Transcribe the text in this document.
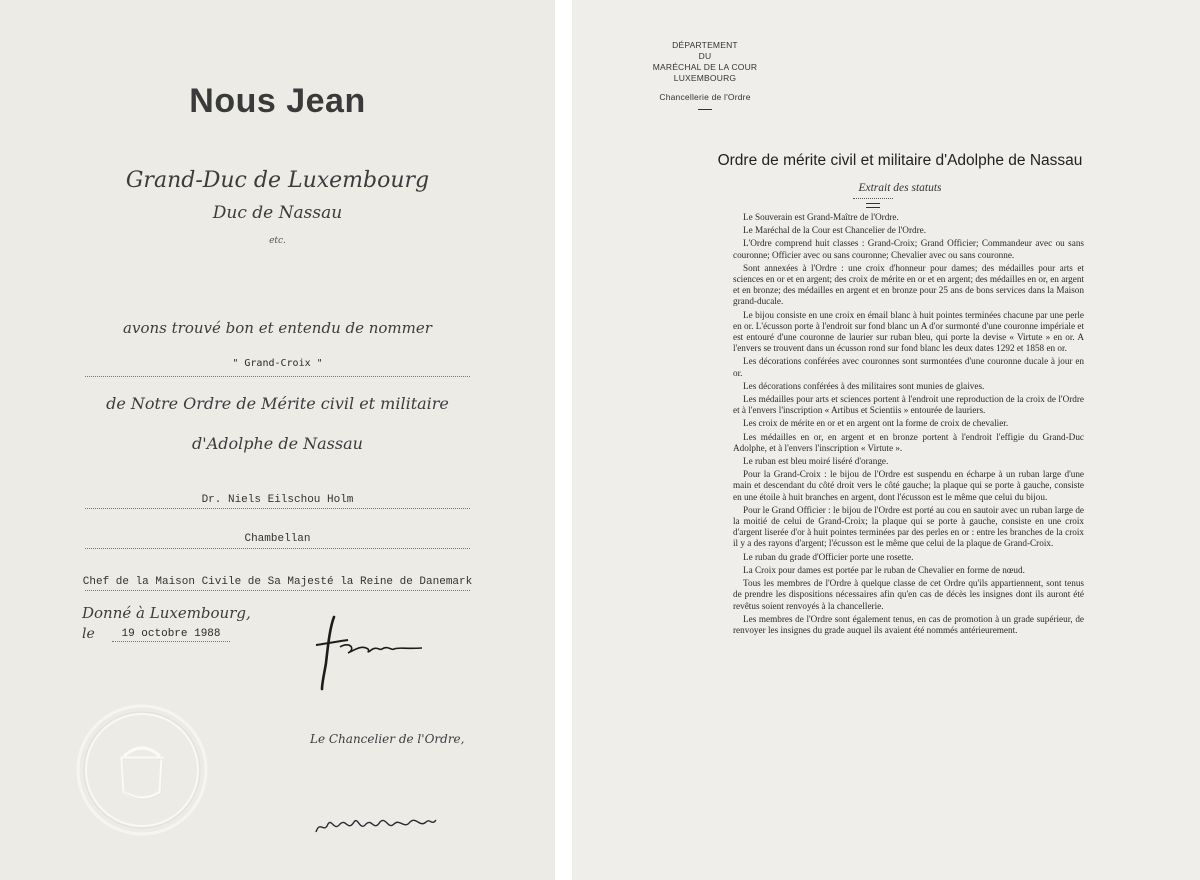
Nous Jean
Grand-Duc de Luxembourg
Duc de Nassau
etc.
avons trouvé bon et entendu de nommer
" Grand-Croix "
de Notre Ordre de Mérite civil et militaire
d'Adolphe de Nassau
Dr. Niels Eilschou Holm
Chambellan
Chef de la Maison Civile de Sa Majesté la Reine de Danemark
Donné à Luxembourg,
le	19 octobre 1988
Le Chancelier de l'Ordre,
DÉPARTEMENT
DU
MARÉCHAL DE LA COUR
LUXEMBOURG
Chancellerie de l'Ordre
Ordre de mérite civil et militaire d'Adolphe de Nassau
Extrait des statuts

Le Souverain est Grand-Maître de l'Ordre.

Le Maréchal de la Cour est Chancelier de l'Ordre.

L'Ordre comprend huit classes : Grand-Croix; Grand Officier; Commandeur avec ou sans couronne; Officier avec ou sans couronne; Chevalier avec ou sans couronne.

Sont annexées à l'Ordre : une croix d'honneur pour dames; des médailles pour arts et sciences en or et en argent; des croix de mérite en or et en argent; des médailles en or, en argent et en bronze; des médailles en argent et en bronze pour 25 ans de bons services dans la Maison grand-ducale.

Le bijou consiste en une croix en émail blanc à huit pointes terminées chacune par une perle en or. L'écusson porte à l'endroit sur fond blanc un A d'or surmonté d'une couronne impériale et est entouré d'une couronne de laurier sur ruban bleu, qui porte la devise « Virtute » en or. A l'envers se trouvent dans un écusson rond sur fond blanc les deux dates 1292 et 1858 en or.

Les décorations conférées avec couronnes sont surmontées d'une couronne ducale à jour en or.

Les décorations conférées à des militaires sont munies de glaives.

Les médailles pour arts et sciences portent à l'endroit une reproduction de la croix de l'Ordre et à l'envers l'inscription « Artibus et Scientiis » entourée de lauriers.

Les croix de mérite en or et en argent ont la forme de croix de chevalier.

Les médailles en or, en argent et en bronze portent à l'endroit l'effigie du Grand-Duc Adolphe, et à l'envers l'inscription « Virtute ».

Le ruban est bleu moiré liséré d'orange.

Pour la Grand-Croix : le bijou de l'Ordre est suspendu en écharpe à un ruban large d'une main et descendant du côté droit vers le côté gauche; la plaque qui se porte à gauche, consiste en une étoile à huit branches en argent, dont l'écusson est le même que celui du bijou.

Pour le Grand Officier : le bijou de l'Ordre est porté au cou en sautoir avec un ruban large de la moitié de celui de Grand-Croix; la plaque qui se porte à gauche, consiste en une croix d'argent liserée d'or à huit pointes terminées par des perles en or : entre les branches de la croix il y a des rayons d'argent; l'écusson est le même que celui de la plaque de Grand-Croix.

Le ruban du grade d'Officier porte une rosette.

La Croix pour dames est portée par le ruban de Chevalier en forme de nœud.

Tous les membres de l'Ordre à quelque classe de cet Ordre qu'ils appartiennent, sont tenus de prendre les dispositions nécessaires afin qu'en cas de décès les insignes dont ils auront été revêtus soient renvoyés à la chancellerie.

Les membres de l'Ordre sont également tenus, en cas de promotion à un grade supérieur, de renvoyer les insignes du grade auquel ils avaient été nommés antérieurement.
